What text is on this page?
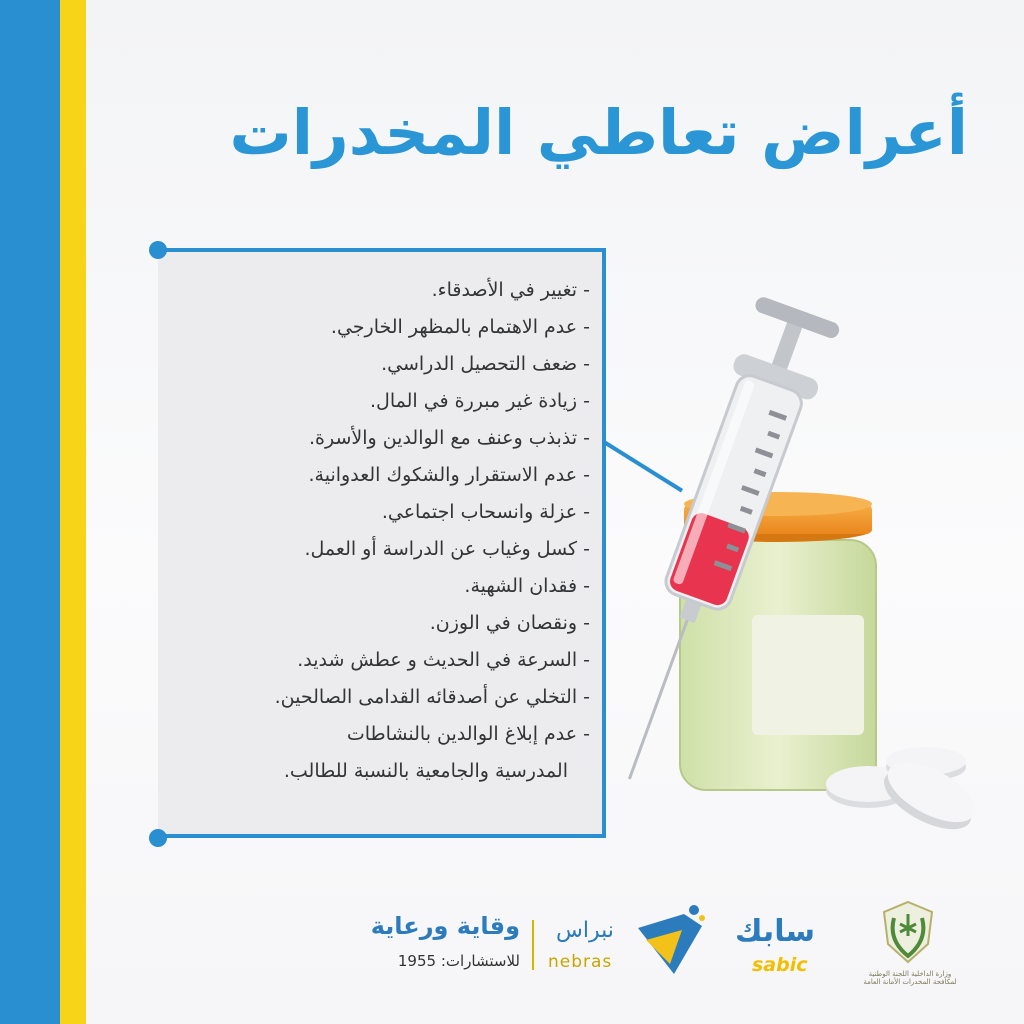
أعراض تعاطي المخدرات
- تغيير في الأصدقاء.
- عدم الاهتمام بالمظهر الخارجي.
- ضعف التحصيل الدراسي.
- زيادة غير مبررة في المال.
- تذبذب وعنف مع الوالدين والأسرة.
- عدم الاستقرار والشكوك العدوانية.
- عزلة وانسحاب اجتماعي.
- كسل وغياب عن الدراسة أو العمل.
- فقدان الشهية.
- ونقصان في الوزن.
- السرعة في الحديث و عطش شديد.
- التخلي عن أصدقائه القدامى الصالحين.
- عدم إبلاغ الوالدين بالنشاطات
المدرسية والجامعية بالنسبة للطالب.
وقاية ورعاية
للاستشارات: 1955
نبراس
nebras
سابك
sabic	وزارة الداخلية اللجنة الوطنية لمكافحة المخدرات الأمانة العامة
